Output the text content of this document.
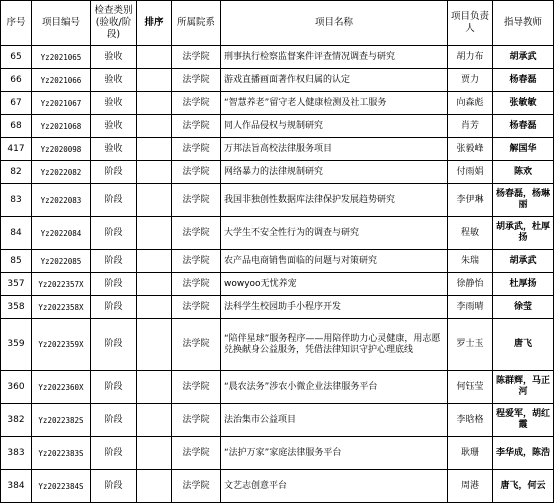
序号	项目编号	检查类别(验收/阶段)	排序	所属院系	项目名称	项目负责人	指导教师
65	Yz2021065	验收		法学院	刑事执行检察监督案件评查情况调查与研究	胡力布	胡承武
66	Yz2021066	验收		法学院	游戏直播画面著作权归属的认定	贾力	杨春磊
67	Yz2021067	验收		法学院	“智慧养老”留守老人健康检测及社工服务	向森彪	张敏敏
68	Yz2021068	验收		法学院	同人作品侵权与规制研究	肖芳	杨春磊
417	Yz2020098	验收		法学院	万邦法旨高校法律服务项目	张毅峰	解国华
82	Yz2022082	阶段		法学院	网络暴力的法律规制研究	付雨娟	陈欢
83	Yz2022083	阶段		法学院	我国非独创性数据库法律保护发展趋势研究	李伊琳	杨春磊，杨琳丽
84	Yz2022084	阶段		法学院	大学生不安全性行为的调查与研究	程敏	胡承武，杜厚扬
85	Yz2022085	阶段		法学院	农产品电商销售面临的问题与对策研究	朱瑞	胡承武
357	Yz2022357X	阶段		法学院	wowyoo无忧养宠	徐静怡	杜厚扬
358	Yz2022358X	阶段		法学院	法科学生校园助手小程序开发	李雨晴	徐莹
359	Yz2022359X	阶段		法学院	“陪伴星球”服务程序——用陪伴助力心灵健康，用志愿兑换献身公益服务，凭借法律知识守护心理底线	罗士玉	唐飞
360	Yz2022360X	阶段		法学院	“晨农法务”涉农小微企业法律服务平台	何钰莹	陈群辉，马正河
382	Yz2022382S	阶段		法学院	法治集市公益项目	李晗格	程爱军，胡红霞
383	Yz2022383S	阶段		法学院	“法护万家”家庭法律服务平台	耿珊	李华成，陈浩
384	Yz2022384S	阶段		法学院	文艺志创意平台	周港	唐飞，何云
